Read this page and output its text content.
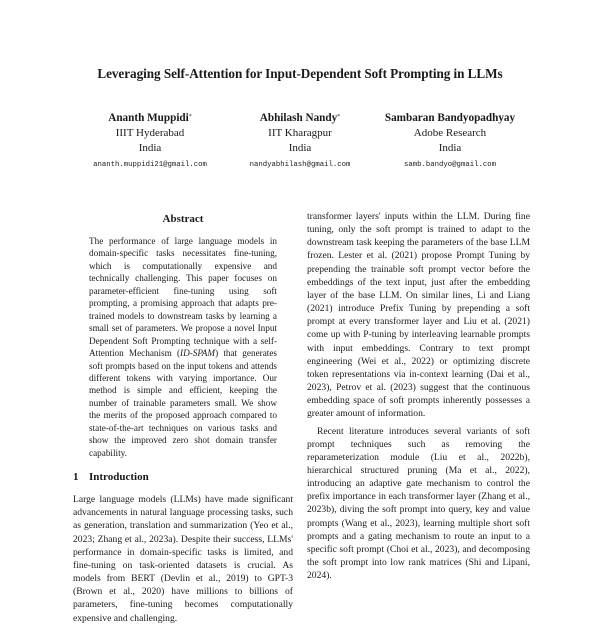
Leveraging Self-Attention for Input-Dependent Soft Prompting in LLMs
Ananth Muppidi*
IIIT Hyderabad
India
ananth.muppidi21@gmail.com
Abhilash Nandy*
IIT Kharagpur
India
nandyabhilash@gmail.com
Sambaran Bandyopadhyay
Adobe Research
India
samb.bandyo@gmail.com
Abstract
The performance of large language models in domain-specific tasks necessitates fine-tuning, which is computationally expensive and technically challenging. This paper focuses on parameter-efficient fine-tuning using soft prompting, a promising approach that adapts pre-trained models to downstream tasks by learning a small set of parameters. We propose a novel Input Dependent Soft Prompting technique with a self-Attention Mechanism (ID-SPAM) that generates soft prompts based on the input tokens and attends different tokens with varying importance. Our method is simple and efficient, keeping the number of trainable parameters small. We show the merits of the proposed approach compared to state-of-the-art techniques on various tasks and show the improved zero shot domain transfer capability.
1 Introduction

Large language models (LLMs) have made significant advancements in natural language processing tasks, such as generation, translation and summarization (Yeo et al., 2023; Zhang et al., 2023a). Despite their success, LLMs' performance in domain-specific tasks is limited, and fine-tuning on task-oriented datasets is crucial. As models from BERT (Devlin et al., 2019) to GPT-3 (Brown et al., 2020) have millions to billions of parameters, fine-tuning becomes computationally expensive and challenging.

transformer layers' inputs within the LLM. During fine tuning, only the soft prompt is trained to adapt to the downstream task keeping the parameters of the base LLM frozen. Lester et al. (2021) propose Prompt Tuning by prepending the trainable soft prompt vector before the embeddings of the text input, just after the embedding layer of the base LLM. On similar lines, Li and Liang (2021) introduce Prefix Tuning by prepending a soft prompt at every transformer layer and Liu et al. (2021) come up with P-tuning by interleaving learnable prompts with input embeddings. Contrary to text prompt engineering (Wei et al., 2022) or optimizing discrete token representations via in-context learning (Dai et al., 2023), Petrov et al. (2023) suggest that the continuous embedding space of soft prompts inherently possesses a greater amount of information.

Recent literature introduces several variants of soft prompt techniques such as removing the reparameterization module (Liu et al., 2022b), hierarchical structured pruning (Ma et al., 2022), introducing an adaptive gate mechanism to control the prefix importance in each transformer layer (Zhang et al., 2023b), diving the soft prompt into query, key and value prompts (Wang et al., 2023), learning multiple short soft prompts and a gating mechanism to route an input to a specific soft prompt (Choi et al., 2023), and decomposing the soft prompt into low rank matrices (Shi and Lipani, 2024).
